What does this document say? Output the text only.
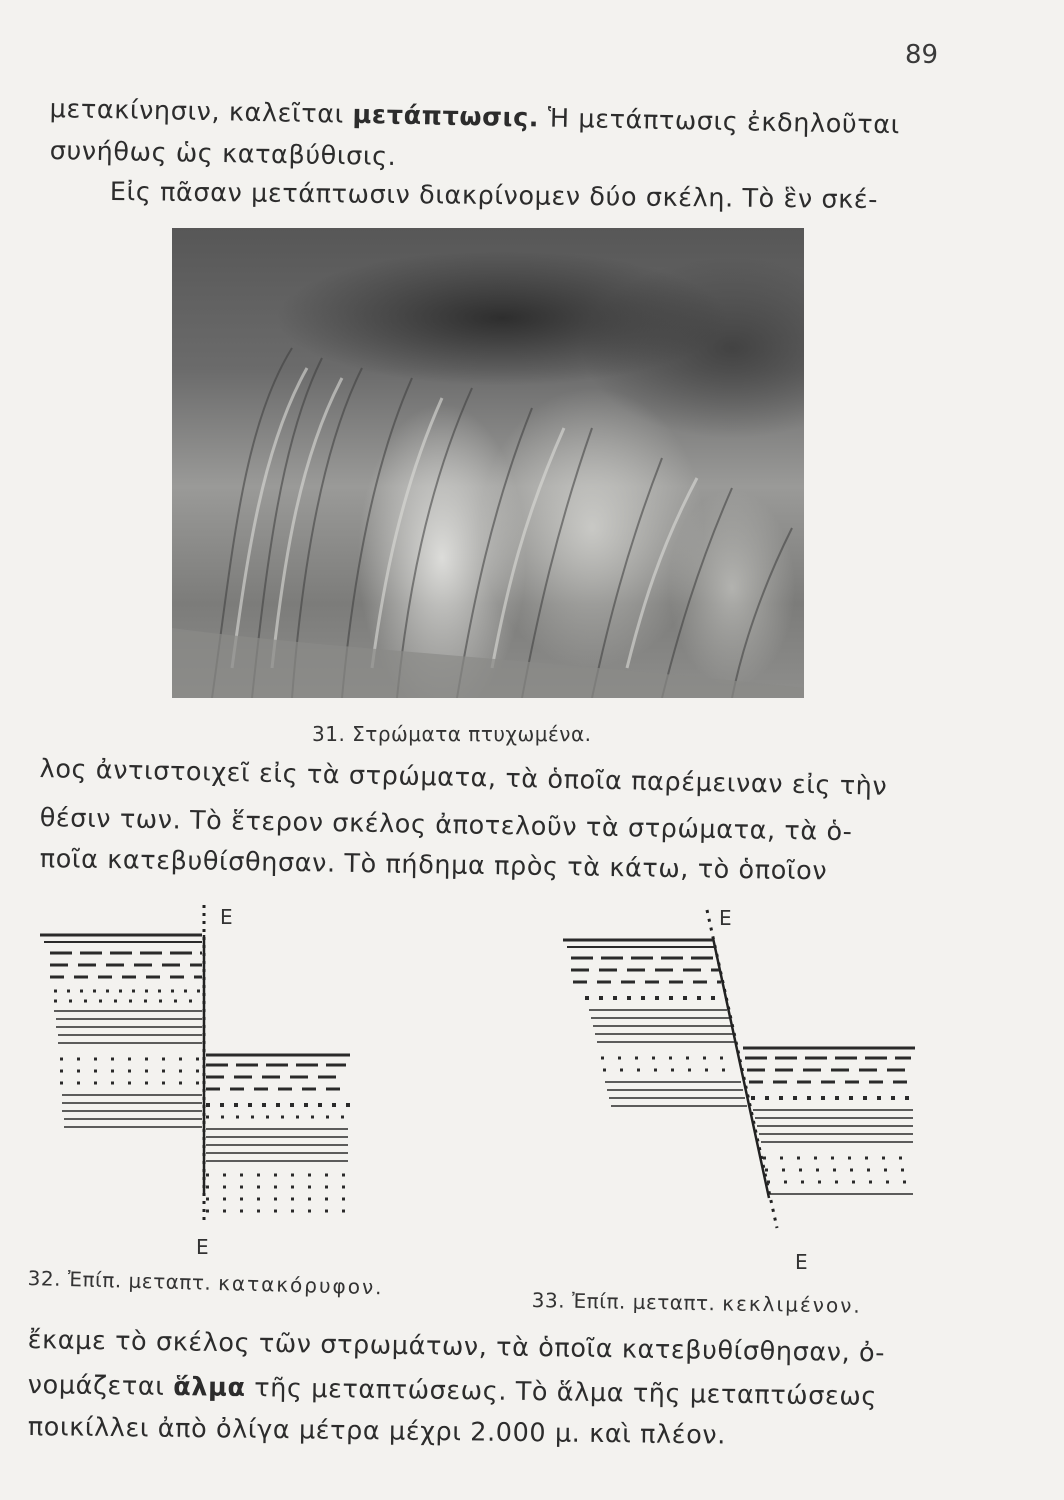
89
μετακίνησιν, καλεῖται μετάπτωσις. Ἡ μετάπτωσις ἐκδηλοῦται
συνήθως ὡς καταβύθισις.
Εἰς πᾶσαν μετάπτωσιν διακρίνομεν δύο σκέλη. Τὸ ἓν σκέ-
31. Στρώματα πτυχωμένα.
λος ἀντιστοιχεῖ εἰς τὰ στρώματα, τὰ ὁποῖα παρέμειναν εἰς τὴν
θέσιν των. Τὸ ἕτερον σκέλος ἀποτελοῦν τὰ στρώματα, τὰ ὁ-
ποῖα κατεβυθίσθησαν. Τὸ πήδημα πρὸς τὰ κάτω, τὸ ὁποῖον
E
E
32. Ἐπίπ. μεταπτ. κατακόρυφον.
E
E
33. Ἐπίπ. μεταπτ. κεκλιμένον.
ἔκαμε τὸ σκέλος τῶν στρωμάτων, τὰ ὁποῖα κατεβυθίσθησαν, ὀ-
νομάζεται ἅλμα τῆς μεταπτώσεως. Τὸ ἅλμα τῆς μεταπτώσεως
ποικίλλει ἀπὸ ὀλίγα μέτρα μέχρι 2.000 μ. καὶ πλέον.
